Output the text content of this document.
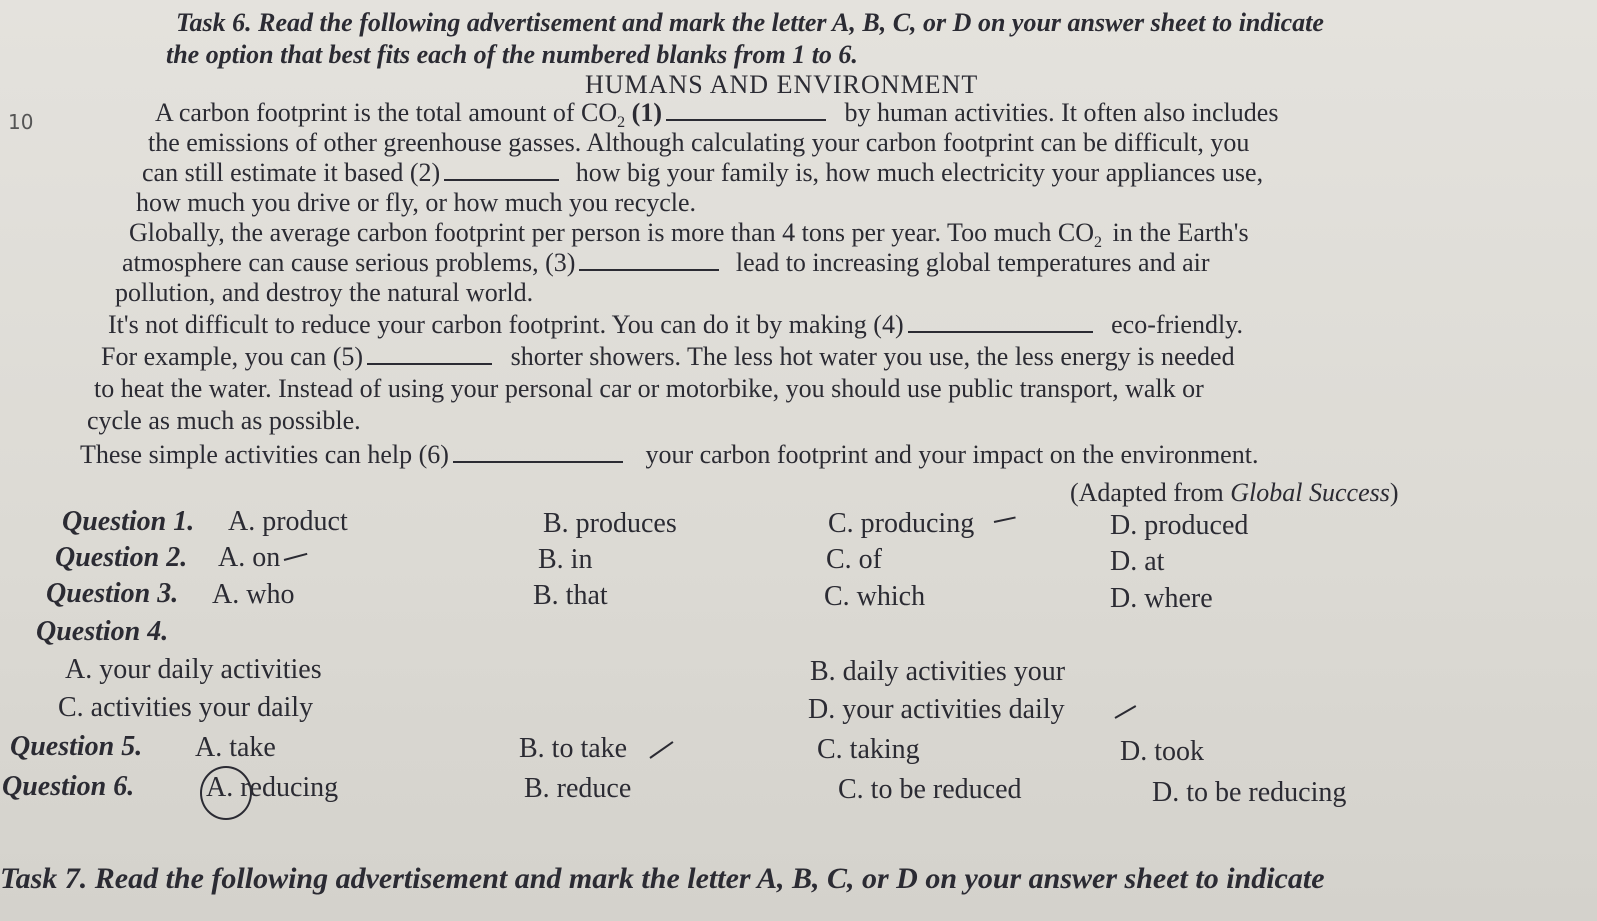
Task 6. Read the following advertisement and mark the letter A, B, C, or D on your answer sheet to indicate
the option that best fits each of the numbered blanks from 1 to 6.
HUMANS AND ENVIRONMENT
10	A carbon footprint is the total amount of $CO_2$ (1)	by human activities. It often also includes
the emissions of other greenhouse gasses. Although calculating your carbon footprint can be difficult, you
can still estimate it based (2)	how big your family is, how much electricity your appliances use,
how much you drive or fly, or how much you recycle.
Globally, the average carbon footprint per person is more than 4 tons per year. Too much $CO_2$ in the Earth's
atmosphere can cause serious problems, (3)	lead to increasing global temperatures and air
pollution, and destroy the natural world.
It's not difficult to reduce your carbon footprint. You can do it by making (4)	eco-friendly.
For example, you can (5)	shorter showers. The less hot water you use, the less energy is needed
to heat the water. Instead of using your personal car or motorbike, you should use public transport, walk or
cycle as much as possible.
These simple activities can help (6)	your carbon footprint and your impact on the environment.
(Adapted from Global Success)
Question 1. A. product	B. produces	C. producing	D. produced
Question 2. A. on	B. in	C. of	D. at
Question 3. A. who	B. that	C. which	D. where
Question 4.
A. your daily activities	B. daily activities your
C. activities your daily	D. your activities daily
Question 5. A. take	B. to take	C. taking	D. took
Question 6.	A. reducing	B. reduce	C. to be reduced	D. to be reducing
Task 7. Read the following advertisement and mark the letter A, B, C, or D on your answer sheet to indicate
